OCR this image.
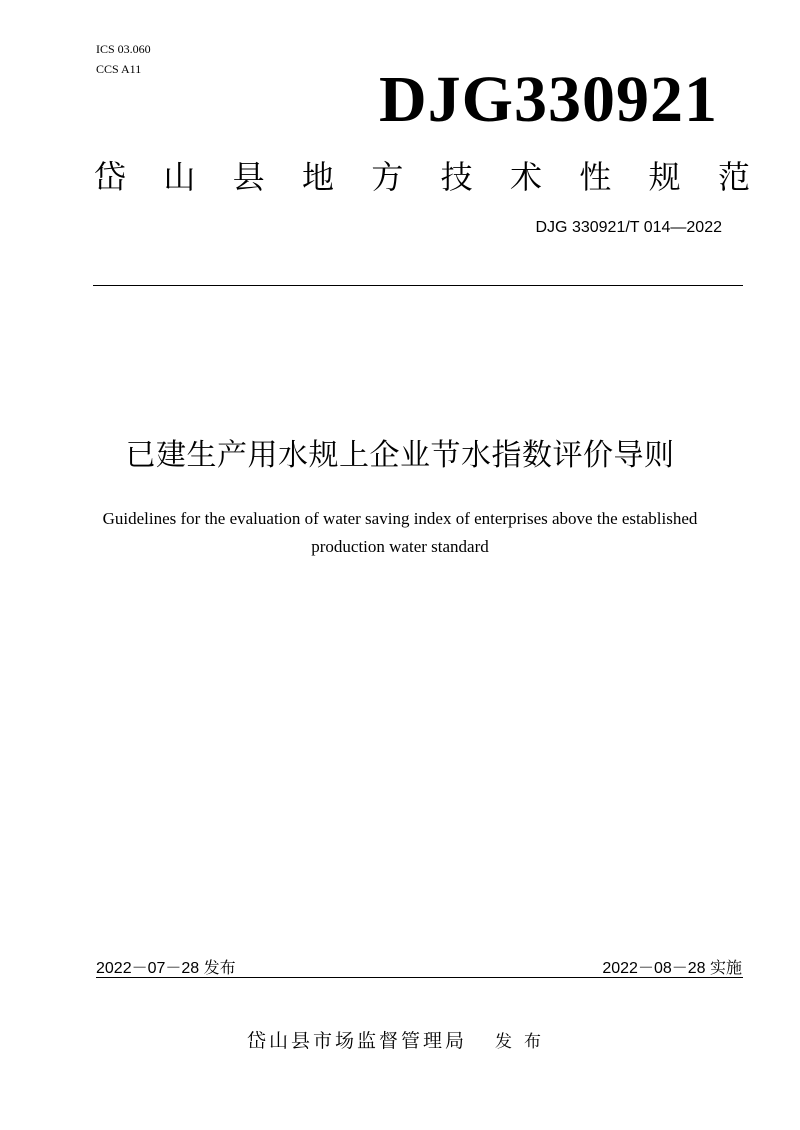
ICS 03.060
CCS A11	DJG330921
岱 山 县 地 方 技 术 性 规 范
DJG 330921/T 014—2022
已建生产用水规上企业节水指数评价导则
Guidelines for the evaluation of water saving index of enterprises above the established production water standard
2022－07－28 发布	2022－08－28 实施
岱山县市场监督管理局 发布
